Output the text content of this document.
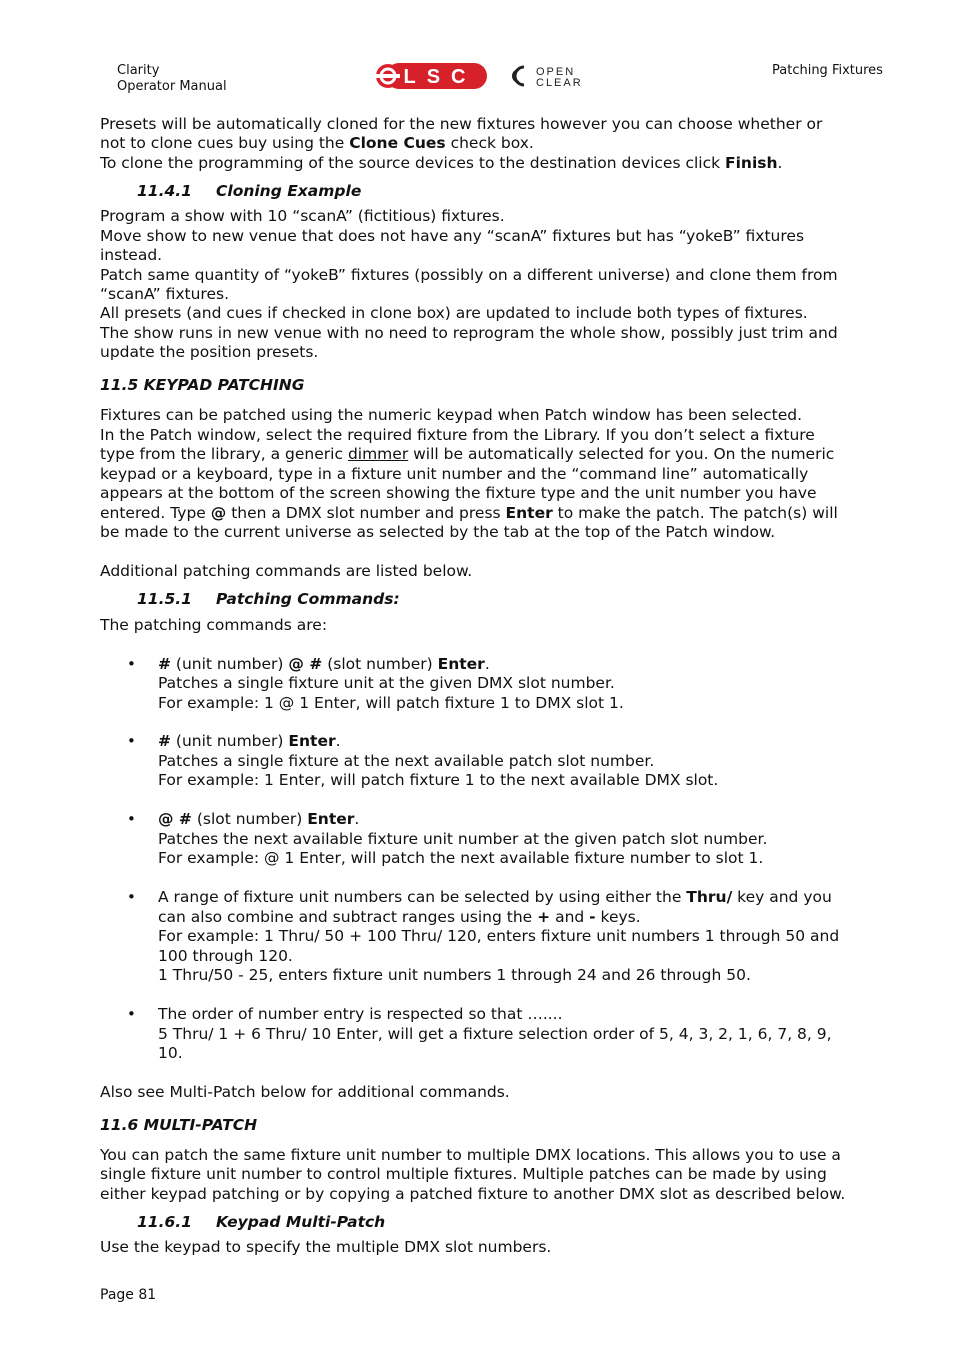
Clarity
Operator Manual
Patching Fixtures
LSC	OPEN
CLEAR
Presets will be automatically cloned for the new fixtures however you can choose whether or
not to clone cues buy using the Clone Cues check box.
To clone the programming of the source devices to the destination devices click Finish.
11.4.1 Cloning Example
Program a show with 10 “scanA” (fictitious) fixtures.
Move show to new venue that does not have any “scanA” fixtures but has “yokeB” fixtures
instead.
Patch same quantity of “yokeB” fixtures (possibly on a different universe) and clone them from
“scanA” fixtures.
All presets (and cues if checked in clone box) are updated to include both types of fixtures.
The show runs in new venue with no need to reprogram the whole show, possibly just trim and
update the position presets.
11.5 KEYPAD PATCHING
Fixtures can be patched using the numeric keypad when Patch window has been selected.
In the Patch window, select the required fixture from the Library. If you don’t select a fixture
type from the library, a generic dimmer will be automatically selected for you. On the numeric
keypad or a keyboard, type in a fixture unit number and the “command line” automatically
appears at the bottom of the screen showing the fixture type and the unit number you have
entered. Type @ then a DMX slot number and press Enter to make the patch. The patch(s) will
be made to the current universe as selected by the tab at the top of the Patch window.
Additional patching commands are listed below.
11.5.1 Patching Commands:
The patching commands are:
• # (unit number) @ # (slot number) Enter.
Patches a single fixture unit at the given DMX slot number.
For example: 1 @ 1 Enter, will patch fixture 1 to DMX slot 1.
• # (unit number) Enter.
Patches a single fixture at the next available patch slot number.
For example: 1 Enter, will patch fixture 1 to the next available DMX slot.
• @ # (slot number) Enter.
Patches the next available fixture unit number at the given patch slot number.
For example: @ 1 Enter, will patch the next available fixture number to slot 1.
• A range of fixture unit numbers can be selected by using either the Thru/ key and you
can also combine and subtract ranges using the + and - keys.
For example: 1 Thru/ 50 + 100 Thru/ 120, enters fixture unit numbers 1 through 50 and
100 through 120.
1 Thru/50 - 25, enters fixture unit numbers 1 through 24 and 26 through 50.
• The order of number entry is respected so that …....
5 Thru/ 1 + 6 Thru/ 10 Enter, will get a fixture selection order of 5, 4, 3, 2, 1, 6, 7, 8, 9,
10.
Also see Multi-Patch below for additional commands.
11.6 MULTI-PATCH
You can patch the same fixture unit number to multiple DMX locations. This allows you to use a
single fixture unit number to control multiple fixtures. Multiple patches can be made by using
either keypad patching or by copying a patched fixture to another DMX slot as described below.
11.6.1 Keypad Multi-Patch
Use the keypad to specify the multiple DMX slot numbers.
Page 81
